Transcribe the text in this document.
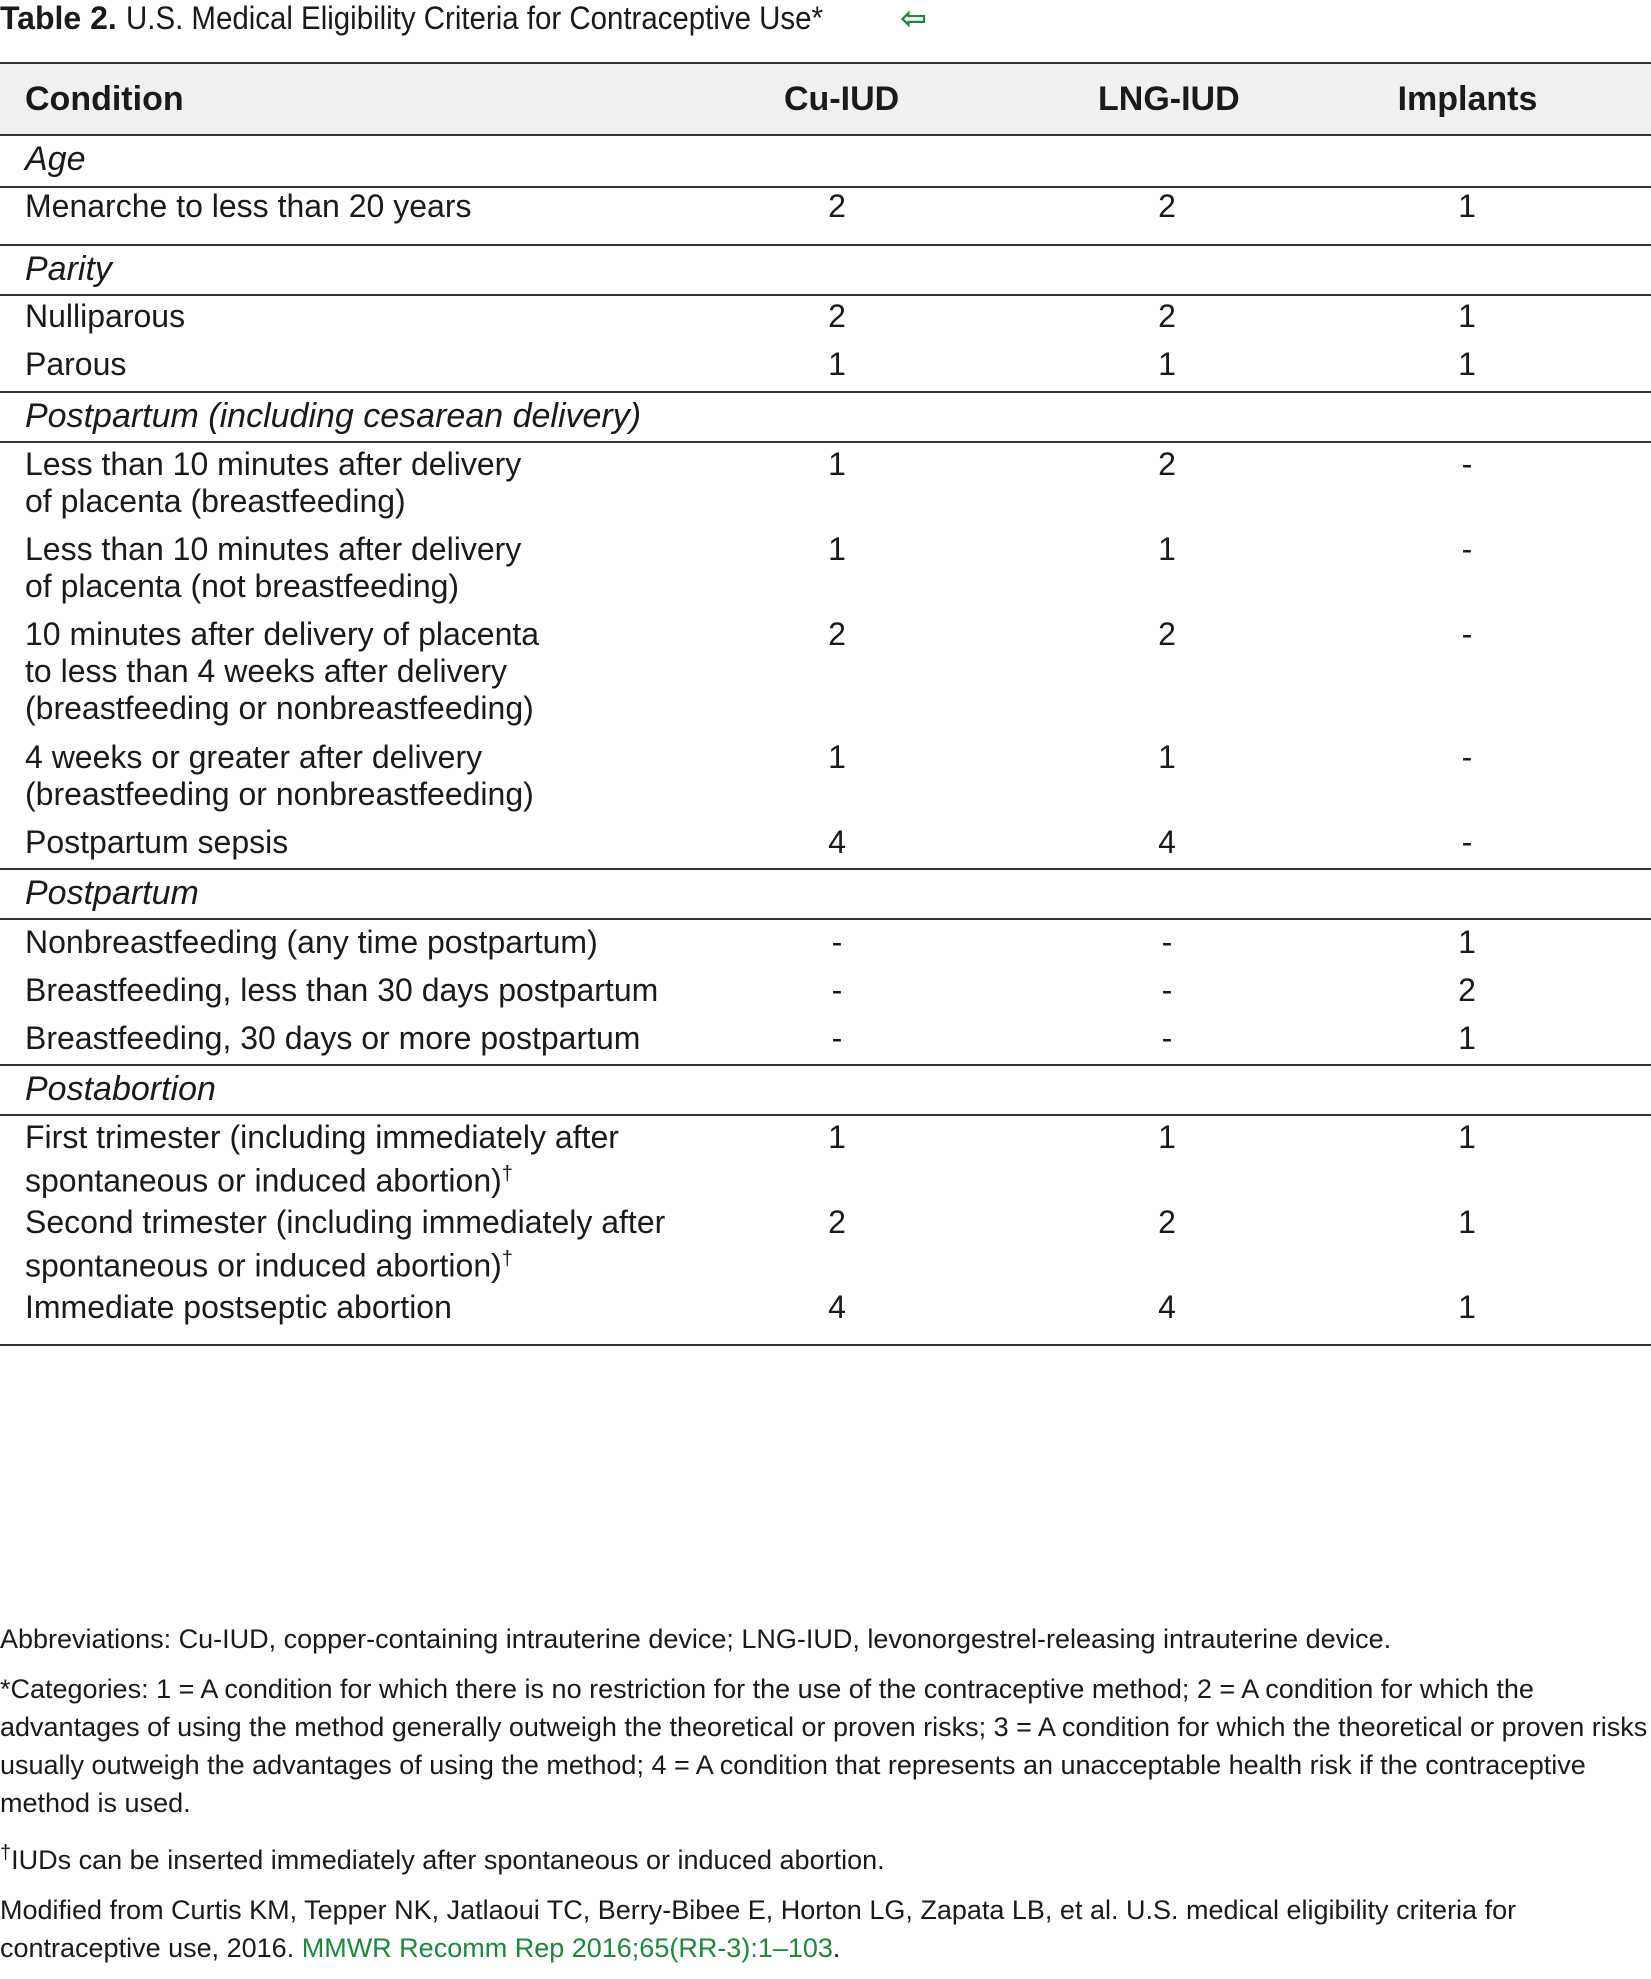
Table 2. U.S. Medical Eligibility Criteria for Contraceptive Use* ⇦
Condition	Cu-IUD	LNG-IUD	Implants
Age
Menarche to less than 20 years	2	2	1
Parity
Nulliparous	2	2	1
Parous	1	1	1
Postpartum (including cesarean delivery)
Less than 10 minutes after delivery
of placenta (breastfeeding)
1	2	-
Less than 10 minutes after delivery
of placenta (not breastfeeding)
1	1	-
10 minutes after delivery of placenta
to less than 4 weeks after delivery
(breastfeeding or nonbreastfeeding)
2	2	-
4 weeks or greater after delivery
(breastfeeding or nonbreastfeeding)
1	1	-
Postpartum sepsis	4	4	-
Postpartum
Nonbreastfeeding (any time postpartum)	-	-	1
Breastfeeding, less than 30 days postpartum	-	-	2
Breastfeeding, 30 days or more postpartum	-	-	1
Postabortion
First trimester (including immediately after
spontaneous or induced abortion)†
1	1	1
Second trimester (including immediately after
spontaneous or induced abortion)†
2	2	1
Immediate postseptic abortion	4	4	1

Abbreviations: Cu-IUD, copper-containing intrauterine device; LNG-IUD, levonorgestrel-releasing intrauterine device.

*Categories: 1 = A condition for which there is no restriction for the use of the contraceptive method; 2 = A condition for which the advantages of using the method generally outweigh the theoretical or proven risks; 3 = A condition for which the theoretical or proven risks usually outweigh the advantages of using the method; 4 = A condition that represents an unacceptable health risk if the contraceptive method is used.

†IUDs can be inserted immediately after spontaneous or induced abortion.

Modified from Curtis KM, Tepper NK, Jatlaoui TC, Berry-Bibee E, Horton LG, Zapata LB, et al. U.S. medical eligibility criteria for contraceptive use, 2016. MMWR Recomm Rep 2016;65(RR-3):1–103.
